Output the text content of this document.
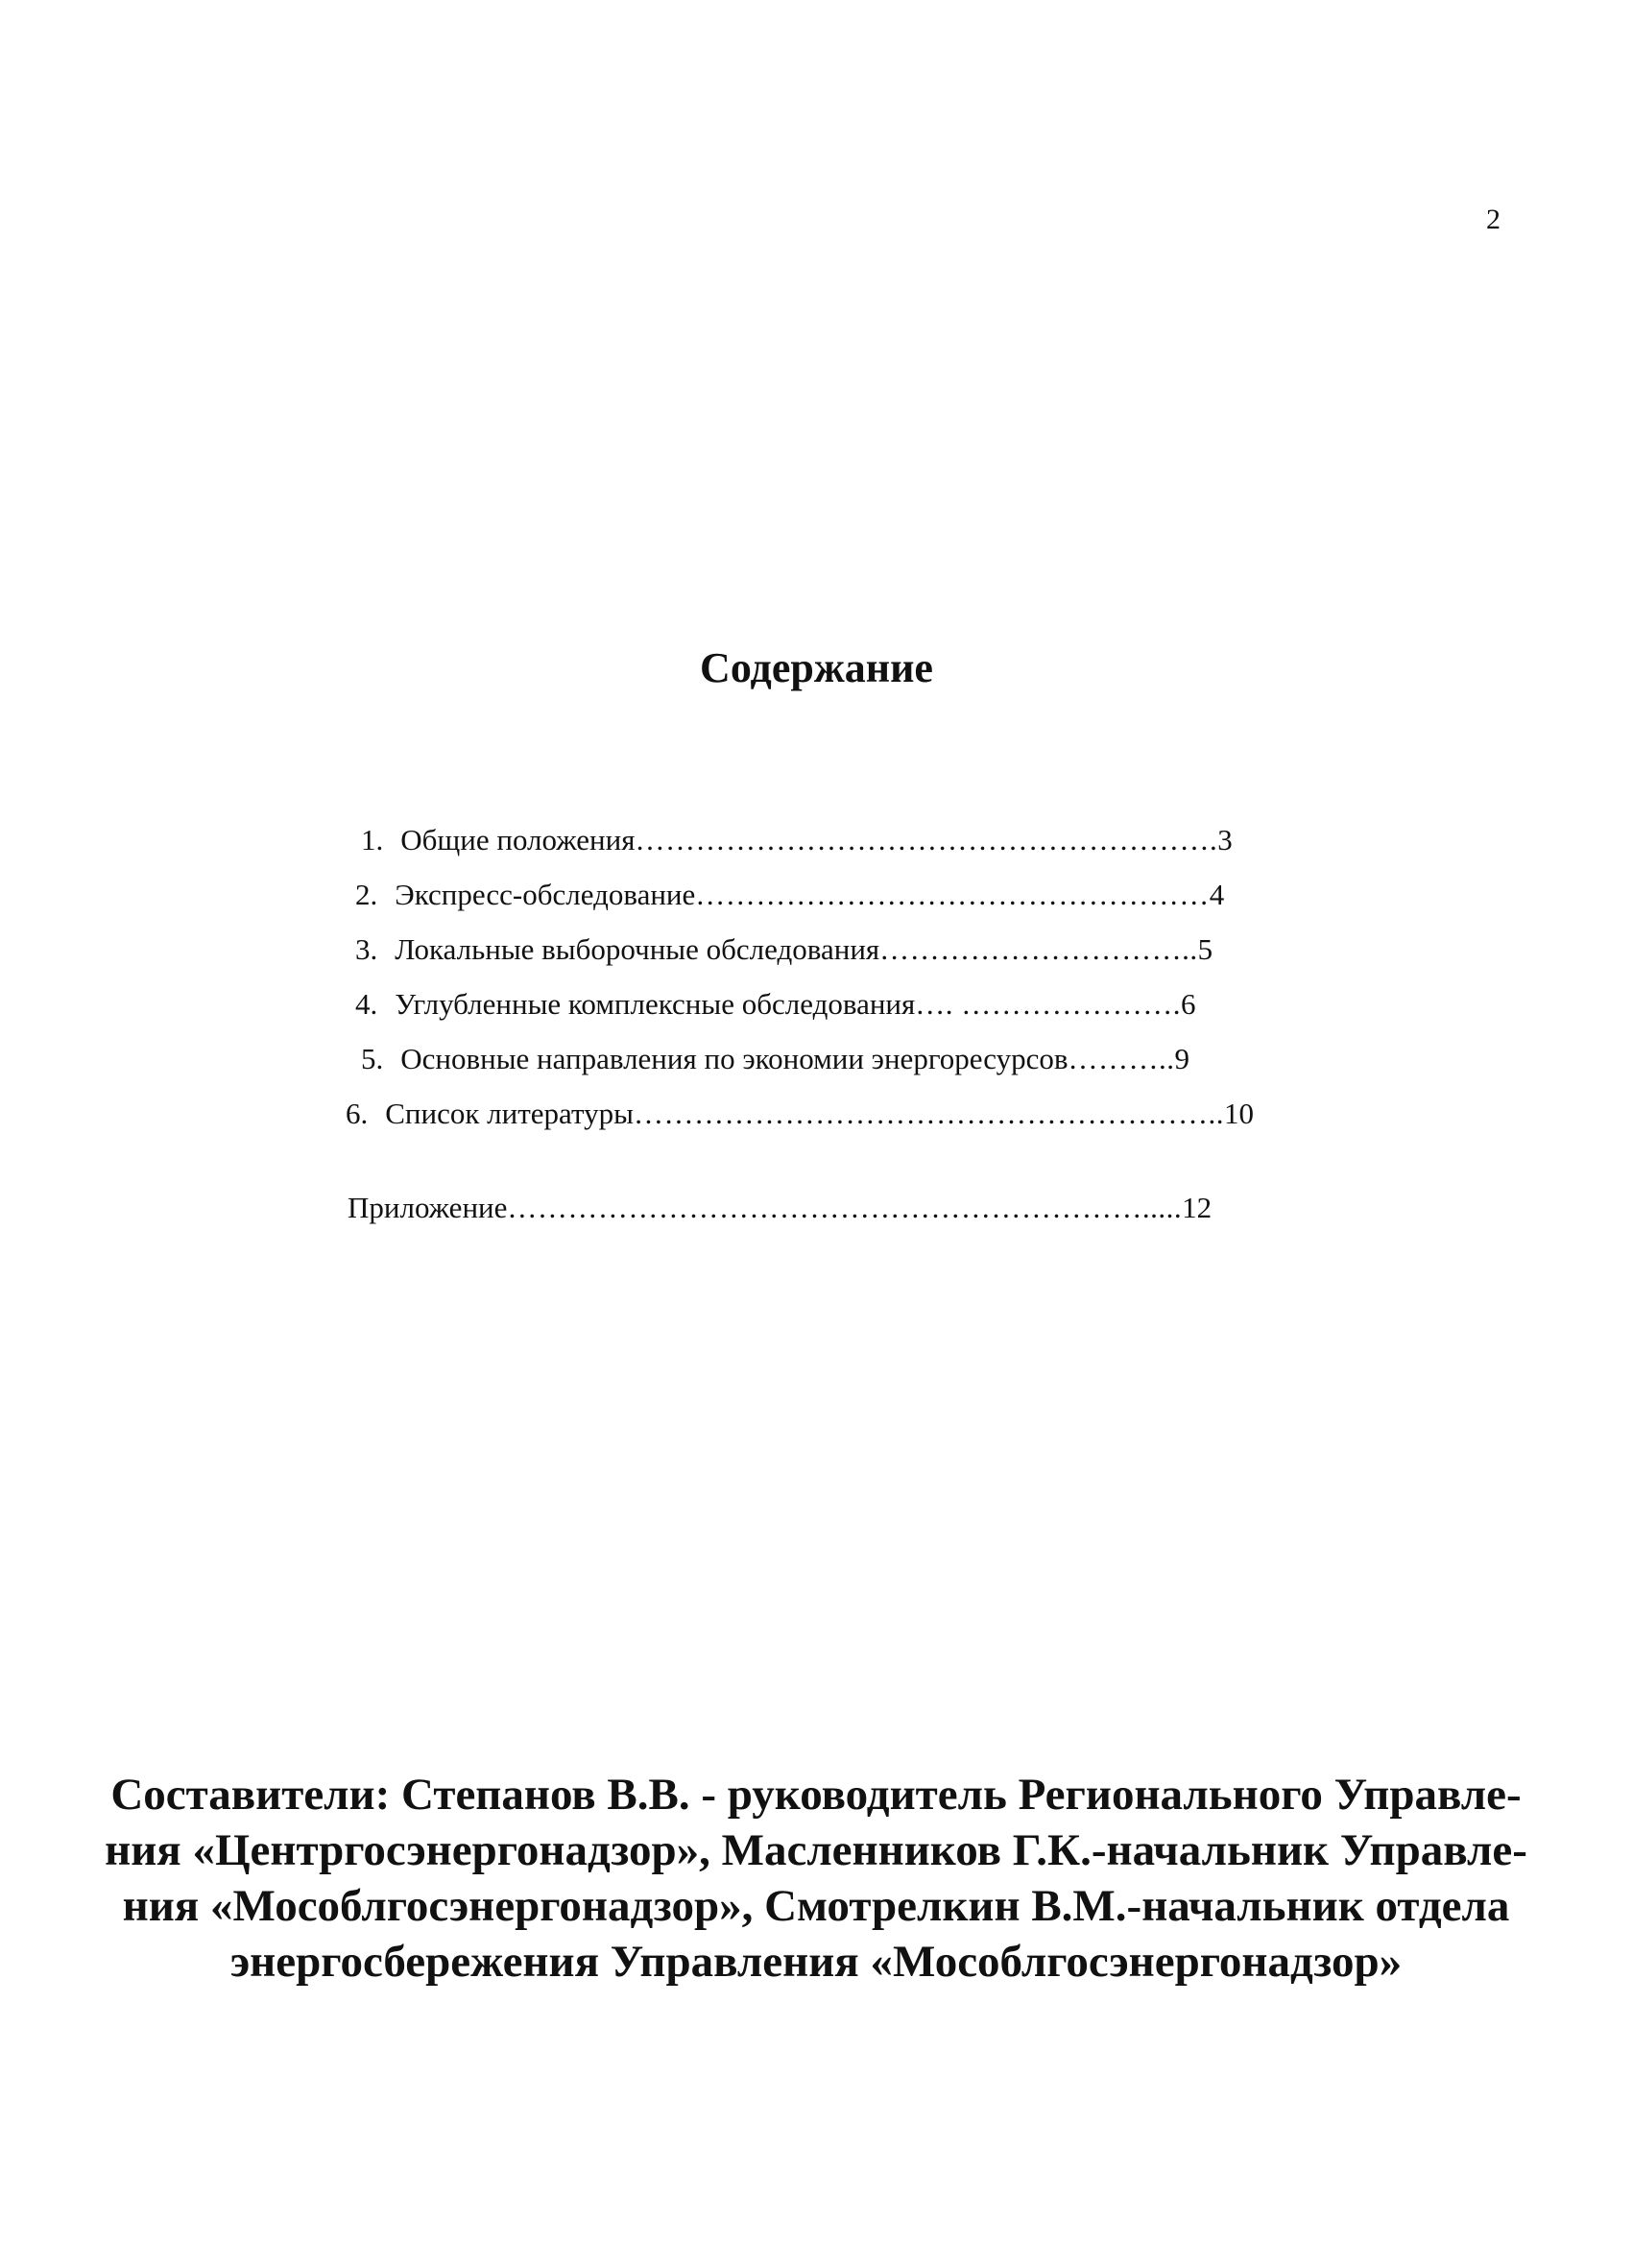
2
Содержание
1. Общие положения………………………………………………….3
2. Экспресс-обследование……………………………………………4
3. Локальные выборочные обследования…………………………..5
4. Углубленные комплексные обследования…. ………………….6
5. Основные направления по экономии энергоресурсов………..9
6. Список литературы…………………………………………………..10
Приложение……………………………………………………….....12
Составители: Степанов В.В. - руководитель Регионального Управле-
ния «Центргосэнергонадзор», Масленников Г.К.-начальник Управле-
ния «Мособлгосэнергонадзор», Смотрелкин В.М.-начальник отдела
энергосбережения Управления «Мособлгосэнергонадзор»
